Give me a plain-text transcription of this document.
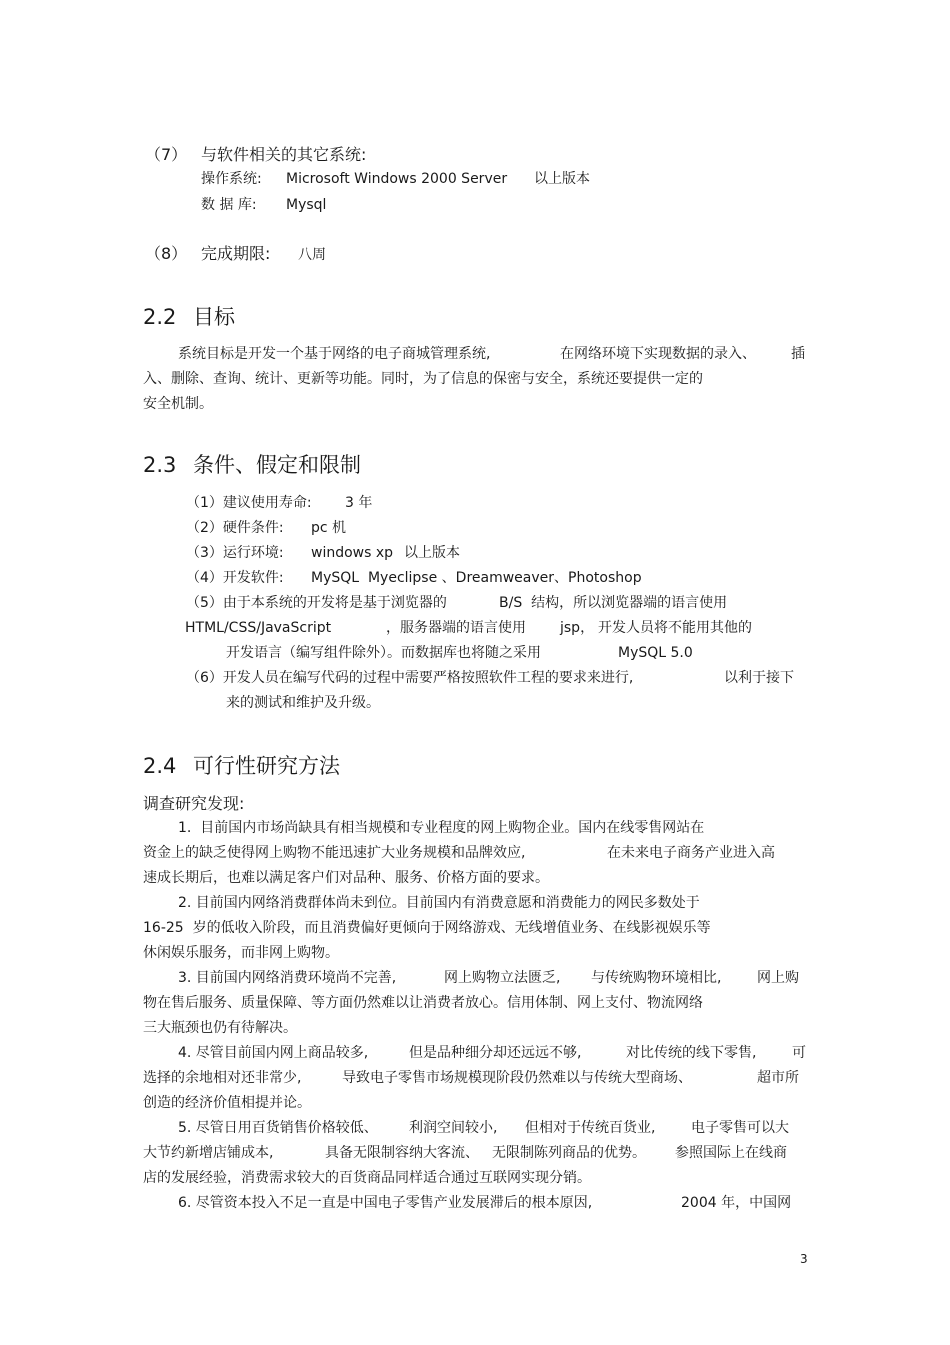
（7） 与软件相关的其它系统:
操作系统: Microsoft Windows 2000 Server 以上版本
数 据 库: Mysql
（8） 完成期限: 八周
2.2 目标
系统目标是开发一个基于网络的电子商城管理系统,	在网络环境下实现数据的录入、	插
入、删除、查询、统计、更新等功能。同时，为了信息的保密与安全，系统还要提供一定的
安全机制。
2.3 条件、假定和限制
（1）建议使用寿命: 3 年
（2）硬件条件: pc 机
（3）运行环境: windows xp 以上版本
（4）开发软件: MySQL  Myeclipse 、Dreamweaver、Photoshop
（5）由于本系统的开发将是基于浏览器的	B/S  结构，所以浏览器端的语言使用
HTML/CSS/JavaScript	，服务器端的语言使用 jsp， 开发人员将不能用其他的
开发语言（编写组件除外）。而数据库也将随之采用	MySQL 5.0
（6）开发人员在编写代码的过程中需要严格按照软件工程的要求来进行,	以利于接下
来的测试和维护及升级。
2.4 可行性研究方法
调查研究发现:
1.  目前国内市场尚缺具有相当规模和专业程度的网上购物企业。国内在线零售网站在
资金上的缺乏使得网上购物不能迅速扩大业务规模和品牌效应,	在未来电子商务产业进入高
速成长期后，也难以满足客户们对品种、服务、价格方面的要求。
2. 目前国内网络消费群体尚未到位。目前国内有消费意愿和消费能力的网民多数处于
16-25  岁的低收入阶段，而且消费偏好更倾向于网络游戏、无线增值业务、在线影视娱乐等
休闲娱乐服务，而非网上购物。
3. 目前国内网络消费环境尚不完善,	网上购物立法匮乏, 与传统购物环境相比,	网上购
物在售后服务、质量保障、等方面仍然难以让消费者放心。信用体制、网上支付、物流网络
三大瓶颈也仍有待解决。
4. 尽管目前国内网上商品较多,	但是品种细分却还远远不够,	对比传统的线下零售,	可
选择的余地相对还非常少,	导致电子零售市场规模现阶段仍然难以与传统大型商场、	超市所
创造的经济价值相提并论。
5. 尽管日用百货销售价格较低、 利润空间较小, 但相对于传统百货业,	电子零售可以大
大节约新增店铺成本,	具备无限制容纳大客流、 无限制陈列商品的优势。 参照国际上在线商
店的发展经验，消费需求较大的百货商品同样适合通过互联网实现分销。
6. 尽管资本投入不足一直是中国电子零售产业发展滞后的根本原因,	2004 年，中国网
3
